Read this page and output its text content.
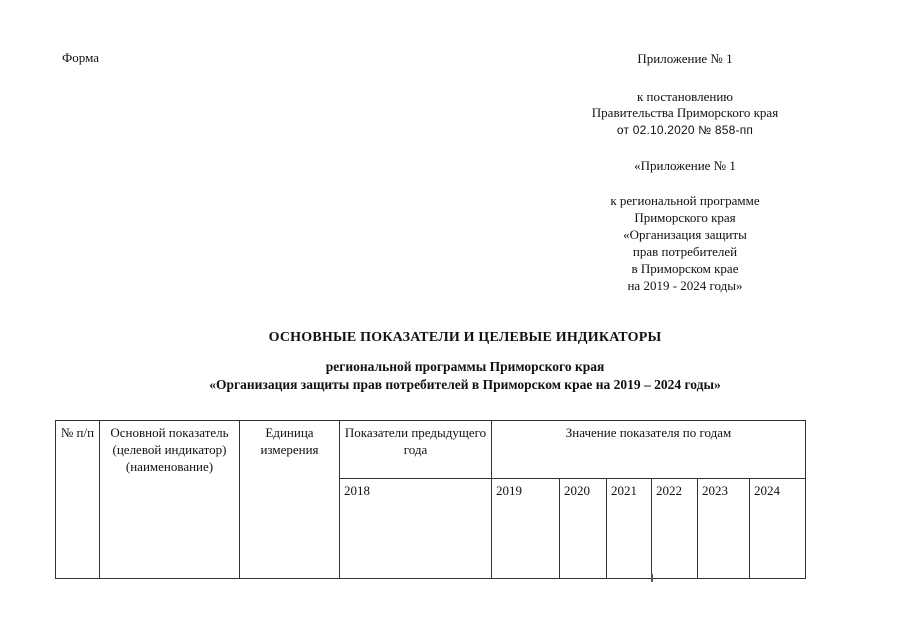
Форма	Приложение № 1
к постановлению
Правительства Приморского края
от 02.10.2020 № 858-пп
«Приложение № 1
к региональной программе
Приморского края
«Организация защиты
прав потребителей
в Приморском крае
на 2019 - 2024 годы»
ОСНОВНЫЕ ПОКАЗАТЕЛИ И ЦЕЛЕВЫЕ ИНДИКАТОРЫ
региональной программы Приморского края
«Организация защиты прав потребителей в Приморском крае на 2019 – 2024 годы»
№ п/п	Основной показатель (целевой индикатор) (наименование)	Единица измерения	Показатели предыдущего года	Значение показателя по годам					
			2018	2019	2020	2021	2022	2023	2024
